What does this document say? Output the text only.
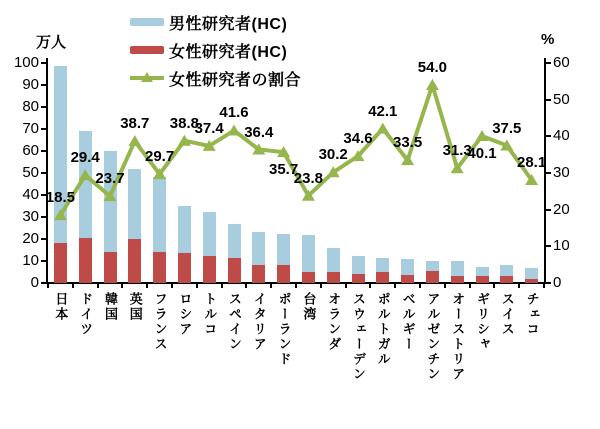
万人	%
男性研究者(HC)
女性研究者(HC)
女性研究者の割合
0
10
20
30
40
50
60
70
80
90
100
0
10
20
30
40
50
60
日本 ドイツ 韓国 英国 フランス ロシア トルコ スペイン イタリア ポーランド 台湾 オランダ スウェーデン ポルトガル ベルギー アルゼンチン オーストリア ギリシャ スイス チェコ
18.5
29.4
23.7
38.7
29.7
38.8
37.4
41.6
36.4
35.7
23.8
30.2
34.6
42.1
33.5
54.0
31.3
40.1
37.5
28.1
